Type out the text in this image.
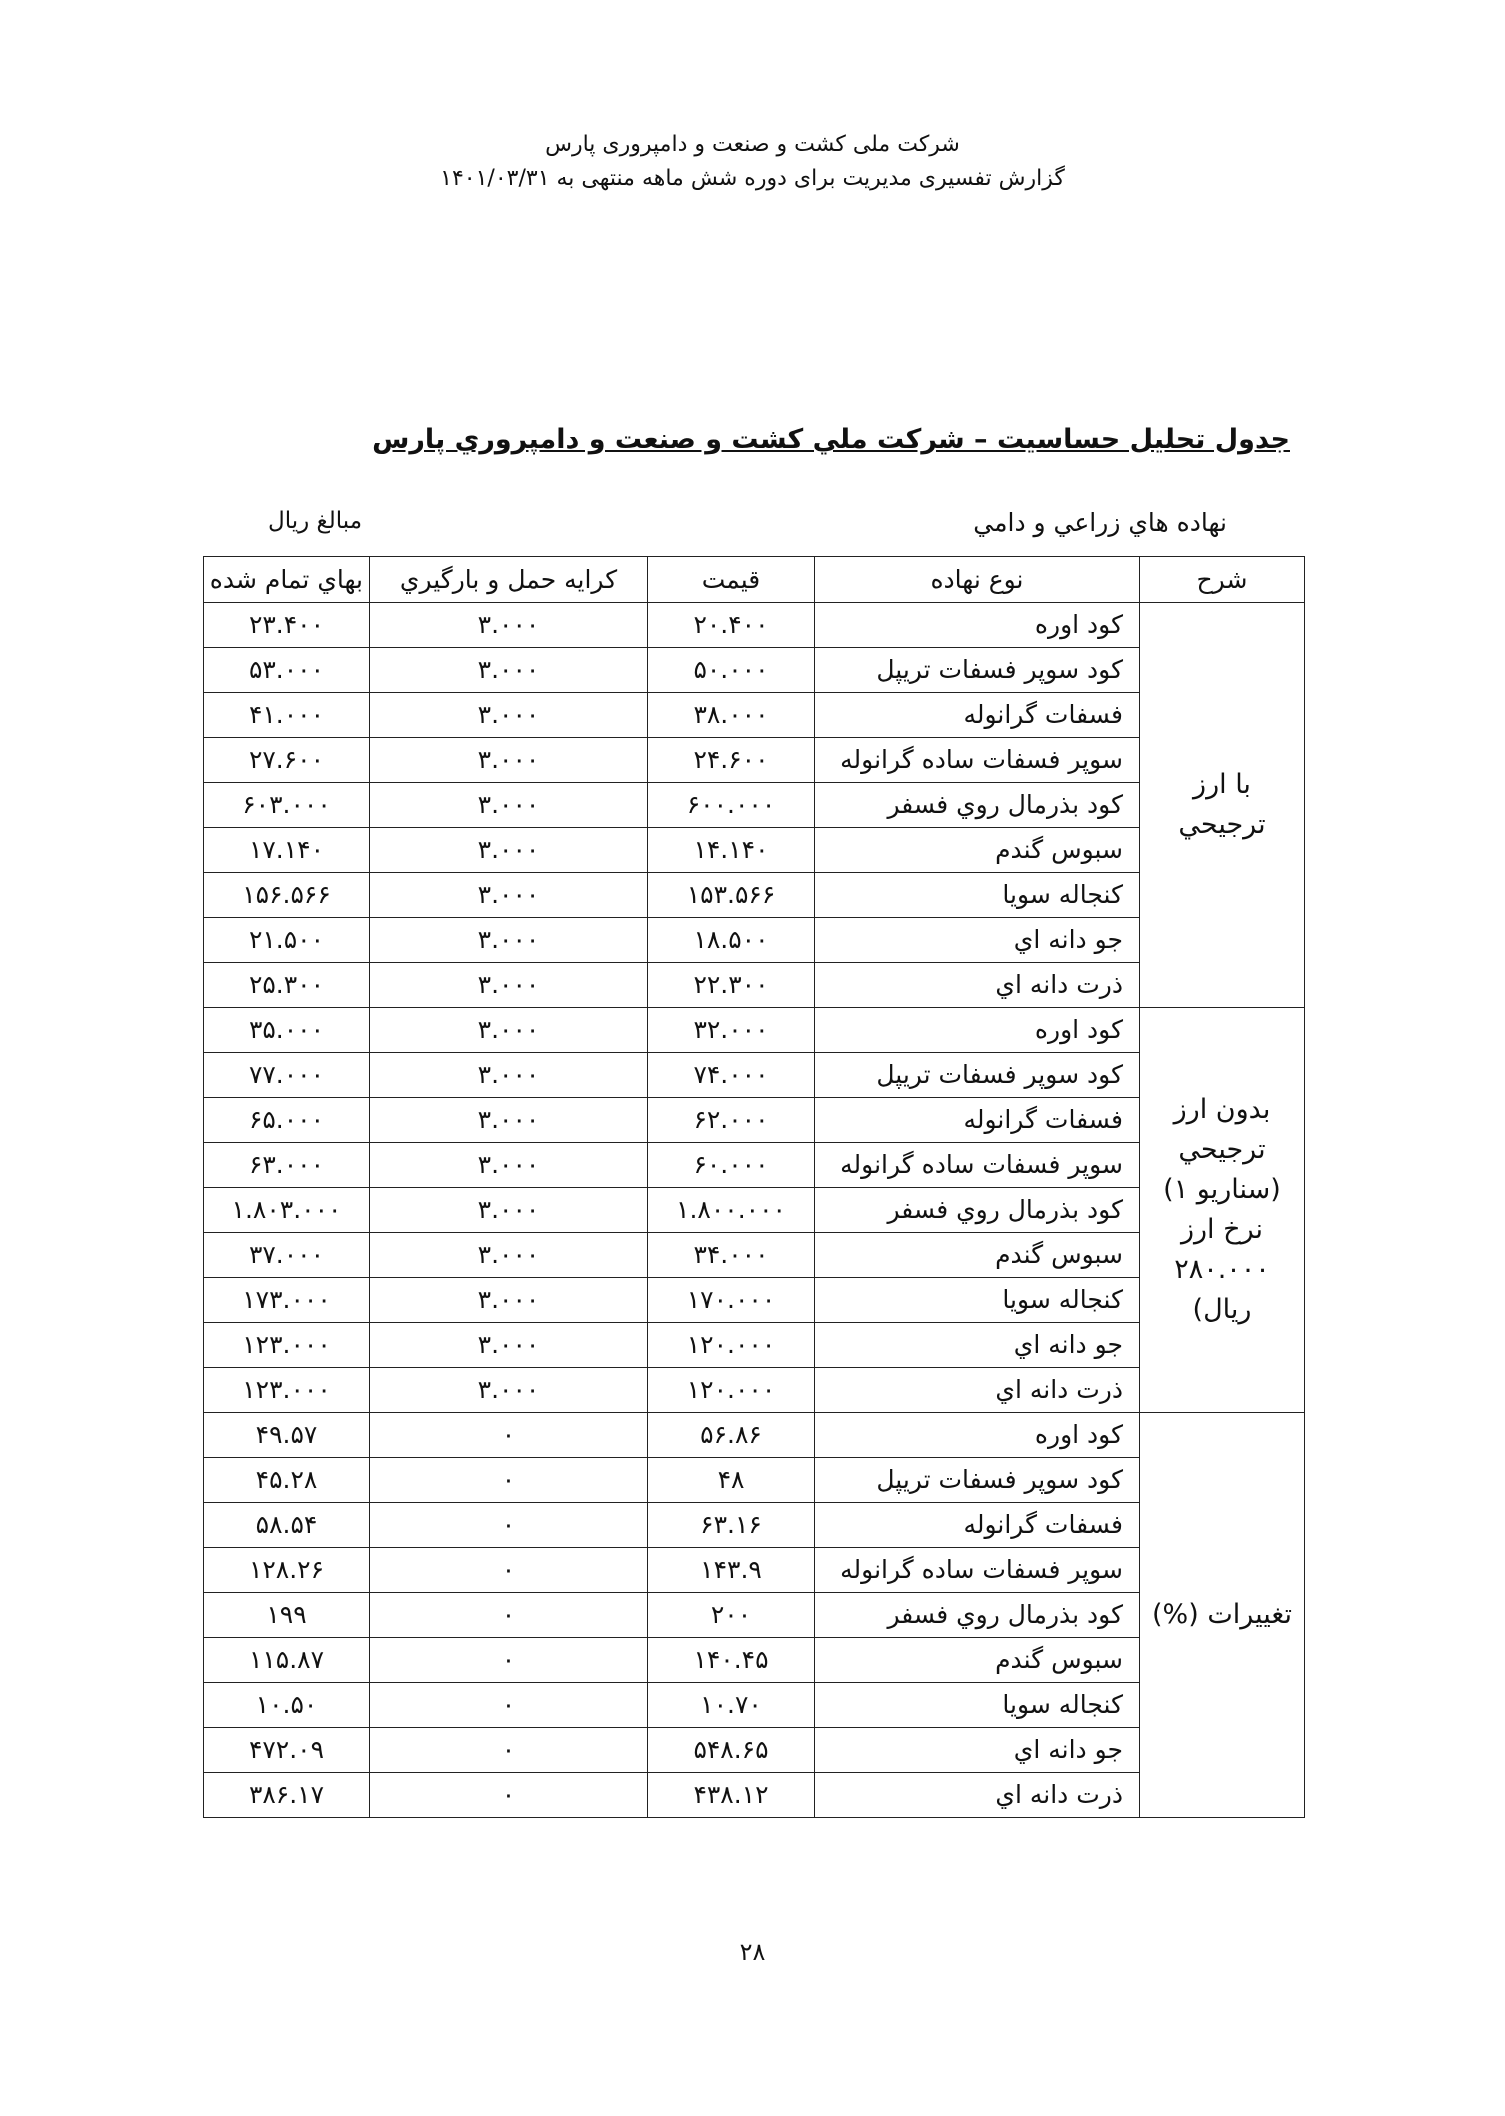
شرکت ملی کشت و صنعت و دامپروری پارس
گزارش تفسیری مدیریت برای دوره شش ماهه منتهی به ۱۴۰۱/۰۳/۳۱
جدول تحليل حساسيت – شركت ملي كشت و صنعت و دامپروري پارس
نهاده هاي زراعي و دامي
مبالغ ريال
شرح	نوع نهاده	قيمت	كرايه حمل و بارگيري	بهاي تمام شده
با ارز ترجيحي	كود اوره	۲۰.۴۰۰	۳.۰۰۰	۲۳.۴۰۰
	كود سوپر فسفات تريپل	۵۰.۰۰۰	۳.۰۰۰	۵۳.۰۰۰
	فسفات گرانوله	۳۸.۰۰۰	۳.۰۰۰	۴۱.۰۰۰
	سوپر فسفات ساده گرانوله	۲۴.۶۰۰	۳.۰۰۰	۲۷.۶۰۰
	كود بذرمال روي فسفر	۶۰۰.۰۰۰	۳.۰۰۰	۶۰۳.۰۰۰
	سبوس گندم	۱۴.۱۴۰	۳.۰۰۰	۱۷.۱۴۰
	كنجاله سويا	۱۵۳.۵۶۶	۳.۰۰۰	۱۵۶.۵۶۶
	جو دانه اي	۱۸.۵۰۰	۳.۰۰۰	۲۱.۵۰۰
	ذرت دانه اي	۲۲.۳۰۰	۳.۰۰۰	۲۵.۳۰۰
بدون ارز ترجيحي (سناريو ۱) نرخ ارز ۲۸۰.۰۰۰ ريال)	كود اوره	۳۲.۰۰۰	۳.۰۰۰	۳۵.۰۰۰
	كود سوپر فسفات تريپل	۷۴.۰۰۰	۳.۰۰۰	۷۷.۰۰۰
	فسفات گرانوله	۶۲.۰۰۰	۳.۰۰۰	۶۵.۰۰۰
	سوپر فسفات ساده گرانوله	۶۰.۰۰۰	۳.۰۰۰	۶۳.۰۰۰
	كود بذرمال روي فسفر	۱.۸۰۰.۰۰۰	۳.۰۰۰	۱.۸۰۳.۰۰۰
	سبوس گندم	۳۴.۰۰۰	۳.۰۰۰	۳۷.۰۰۰
	كنجاله سويا	۱۷۰.۰۰۰	۳.۰۰۰	۱۷۳.۰۰۰
	جو دانه اي	۱۲۰.۰۰۰	۳.۰۰۰	۱۲۳.۰۰۰
	ذرت دانه اي	۱۲۰.۰۰۰	۳.۰۰۰	۱۲۳.۰۰۰
تغييرات (%)	كود اوره	۵۶.۸۶	۰	۴۹.۵۷
	كود سوپر فسفات تريپل	۴۸	۰	۴۵.۲۸
	فسفات گرانوله	۶۳.۱۶	۰	۵۸.۵۴
	سوپر فسفات ساده گرانوله	۱۴۳.۹	۰	۱۲۸.۲۶
	كود بذرمال روي فسفر	۲۰۰	۰	۱۹۹
	سبوس گندم	۱۴۰.۴۵	۰	۱۱۵.۸۷
	كنجاله سويا	۱۰.۷۰	۰	۱۰.۵۰
	جو دانه اي	۵۴۸.۶۵	۰	۴۷۲.۰۹
	ذرت دانه اي	۴۳۸.۱۲	۰	۳۸۶.۱۷
۲۸
